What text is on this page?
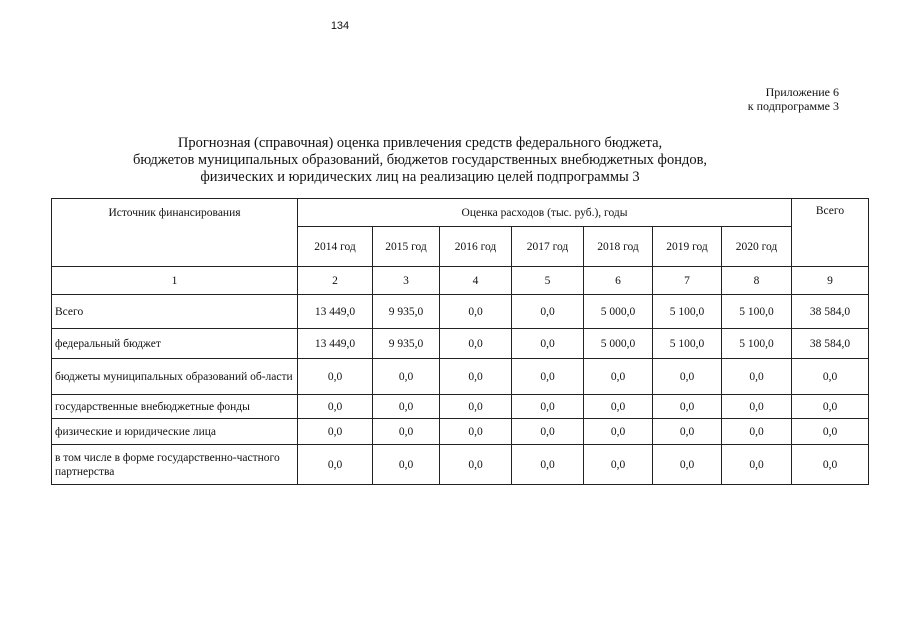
134
Приложение 6
к подпрограмме 3
Прогнозная (справочная) оценка привлечения средств федерального бюджета,
бюджетов муниципальных образований, бюджетов государственных внебюджетных фондов,
физических и юридических лиц на реализацию целей подпрограммы 3
Источник финансирования	Оценка расходов (тыс. руб.), годы							Всего
	2014 год	2015 год	2016 год	2017 год	2018 год	2019 год	2020 год	
1	2	3	4	5	6	7	8	9
Всего	13 449,0	9 935,0	0,0	0,0	5 000,0	5 100,0	5 100,0	38 584,0
федеральный бюджет	13 449,0	9 935,0	0,0	0,0	5 000,0	5 100,0	5 100,0	38 584,0
бюджеты муниципальных образований об-ласти	0,0	0,0	0,0	0,0	0,0	0,0	0,0	0,0
государственные внебюджетные фонды	0,0	0,0	0,0	0,0	0,0	0,0	0,0	0,0
физические и юридические лица	0,0	0,0	0,0	0,0	0,0	0,0	0,0	0,0
в том числе в форме государственно-частного партнерства	0,0	0,0	0,0	0,0	0,0	0,0	0,0	0,0
